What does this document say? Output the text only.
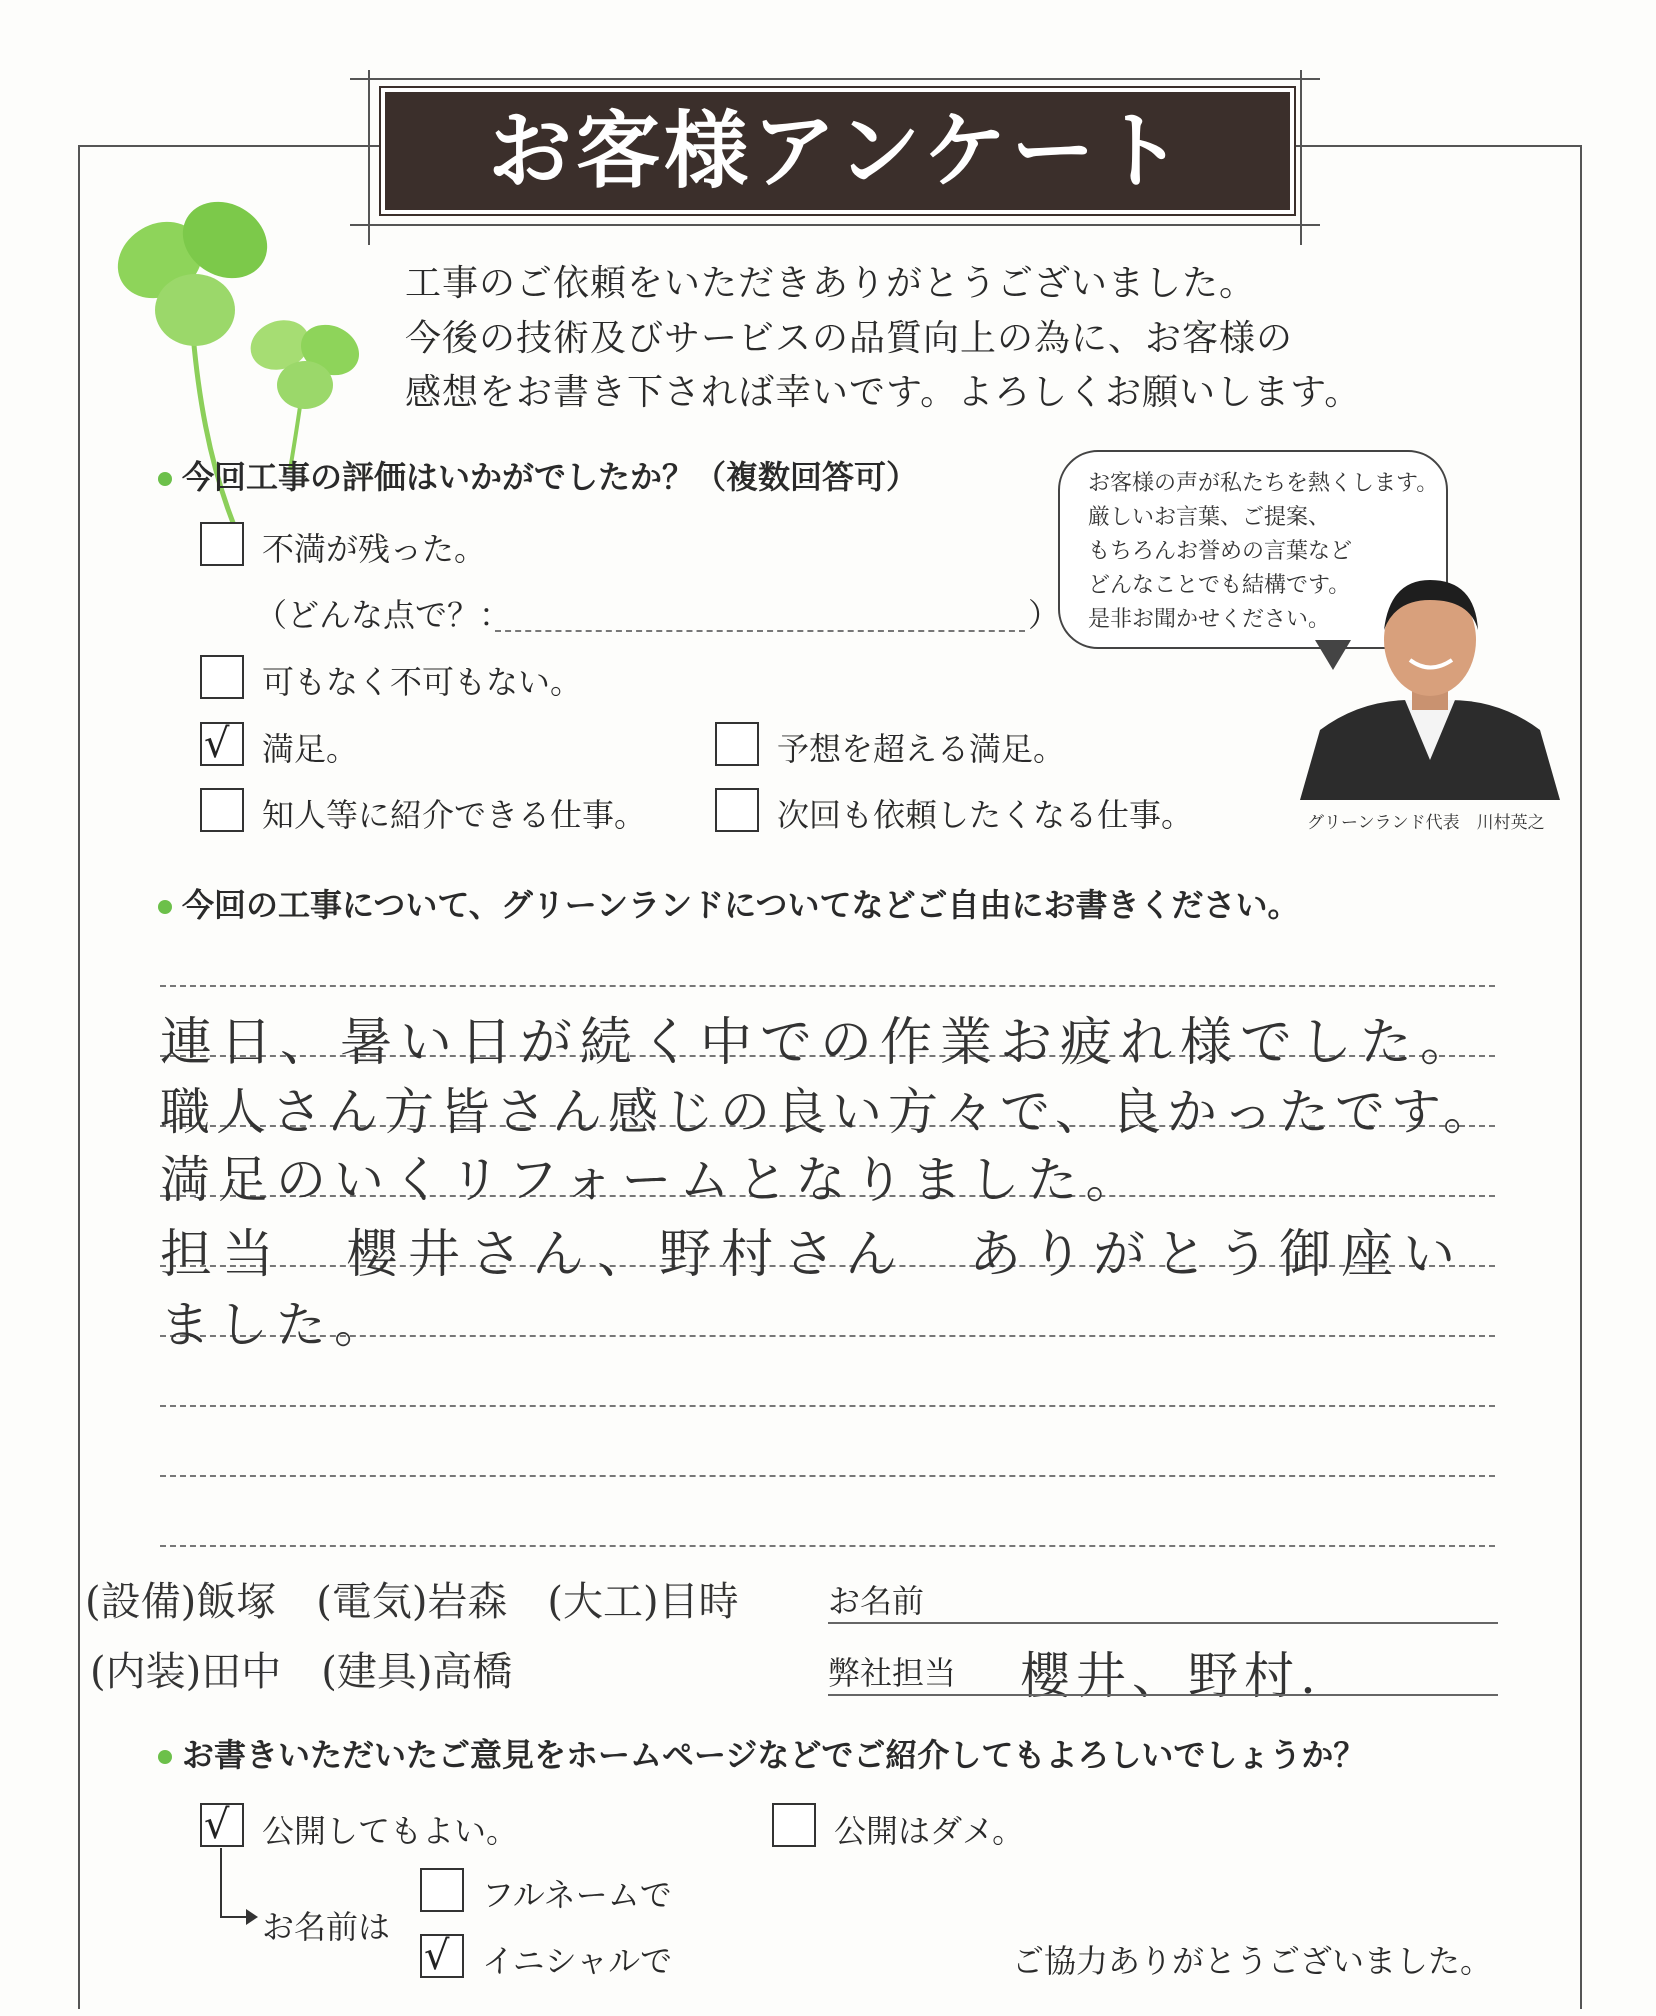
お客様アンケート
工事のご依頼をいただきありがとうございました。
今後の技術及びサービスの品質向上の為に、お客様の
感想をお書き下されば幸いです。よろしくお願いします。
お客様の声が私たちを熱くします。
厳しいお言葉、ご提案、
もちろんお誉めの言葉など
どんなことでも結構です。
是非お聞かせください。
グリーンランド代表　川村英之
今回工事の評価はいかがでしたか？（複数回答可）
不満が残った。
（どんな点で？：	）
可もなく不可もない。
√ 満足。	予想を超える満足。
知人等に紹介できる仕事。	次回も依頼したくなる仕事。
今回の工事について、グリーンランドについてなどご自由にお書きください。
連日、暑い日が続く中での作業お疲れ様でした。
職人さん方皆さん感じの良い方々で、良かったです。
満足のいくリフォームとなりました。
担当　櫻井さん、野村さん　ありがとう御座い
ました。
(設備)飯塚　(電気)岩森　(大工)目時
(内装)田中　(建具)高橋
お名前
弊社担当 櫻井、野村.
お書きいただいたご意見をホームページなどでご紹介してもよろしいでしょうか？
√ 公開してもよい。	公開はダメ。
お名前は
フルネームで
√ イニシャルで	ご協力ありがとうございました。
